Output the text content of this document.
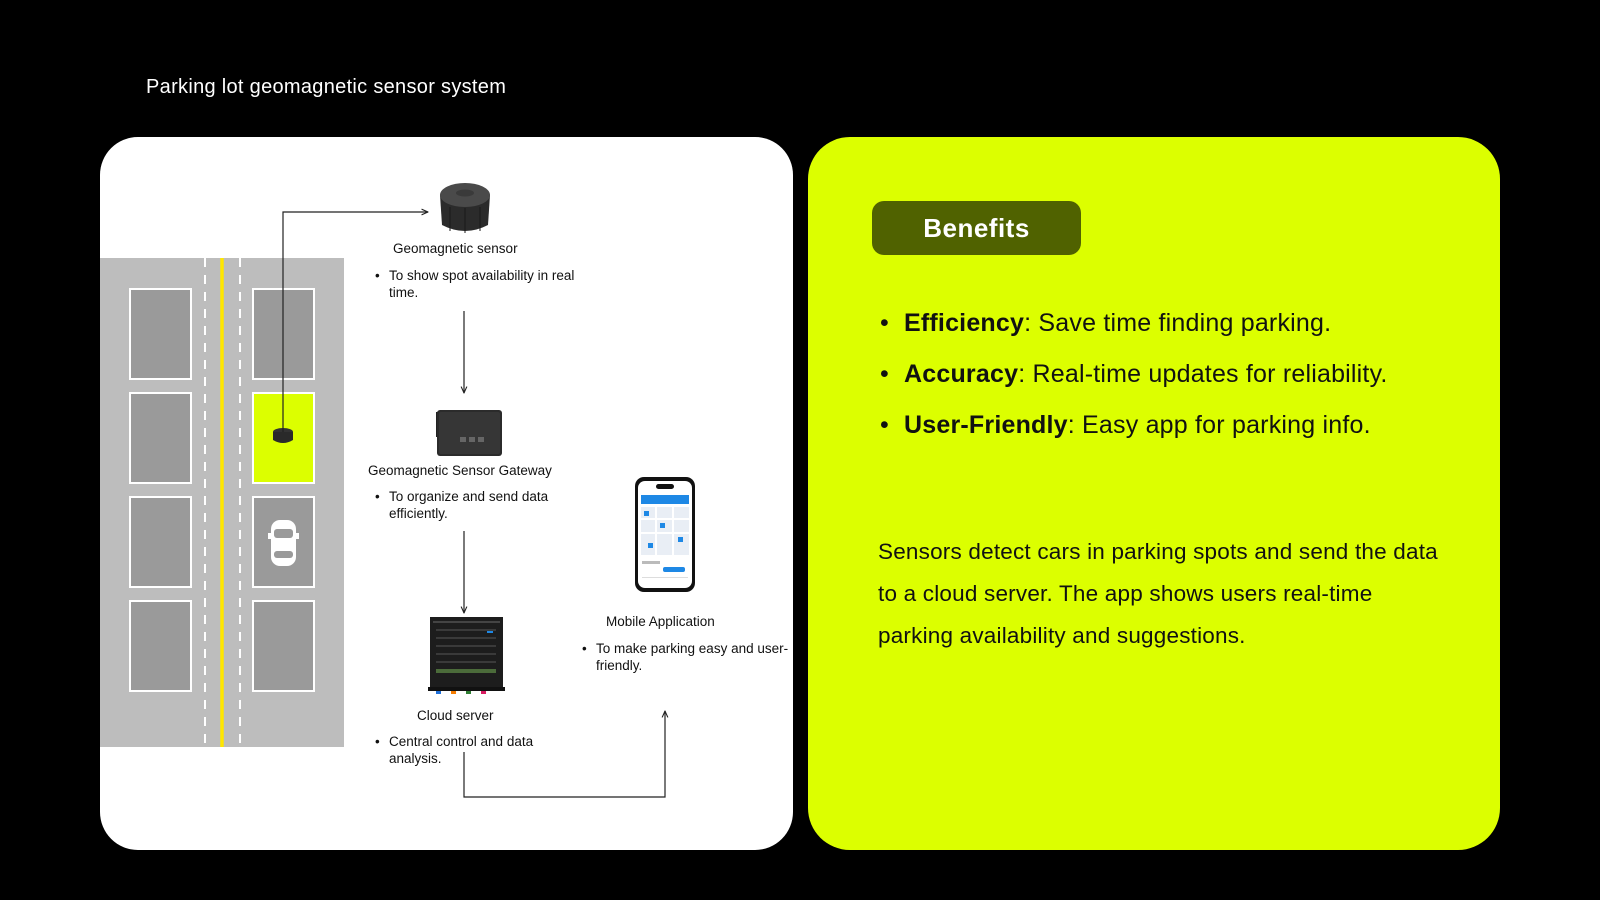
Parking lot geomagnetic sensor system
Geomagnetic sensor
• To show spot availability in real time.
Geomagnetic Sensor Gateway
• To organize and send data efficiently.
Cloud server
• Central control and data analysis.
Mobile Application
• To make parking easy and user-friendly.
Benefits
• Efficiency: Save time finding parking.
• Accuracy: Real-time updates for reliability.
• User-Friendly: Easy app for parking info.
Sensors detect cars in parking spots and send the data to a cloud server. The app shows users real-time parking availability and suggestions.
